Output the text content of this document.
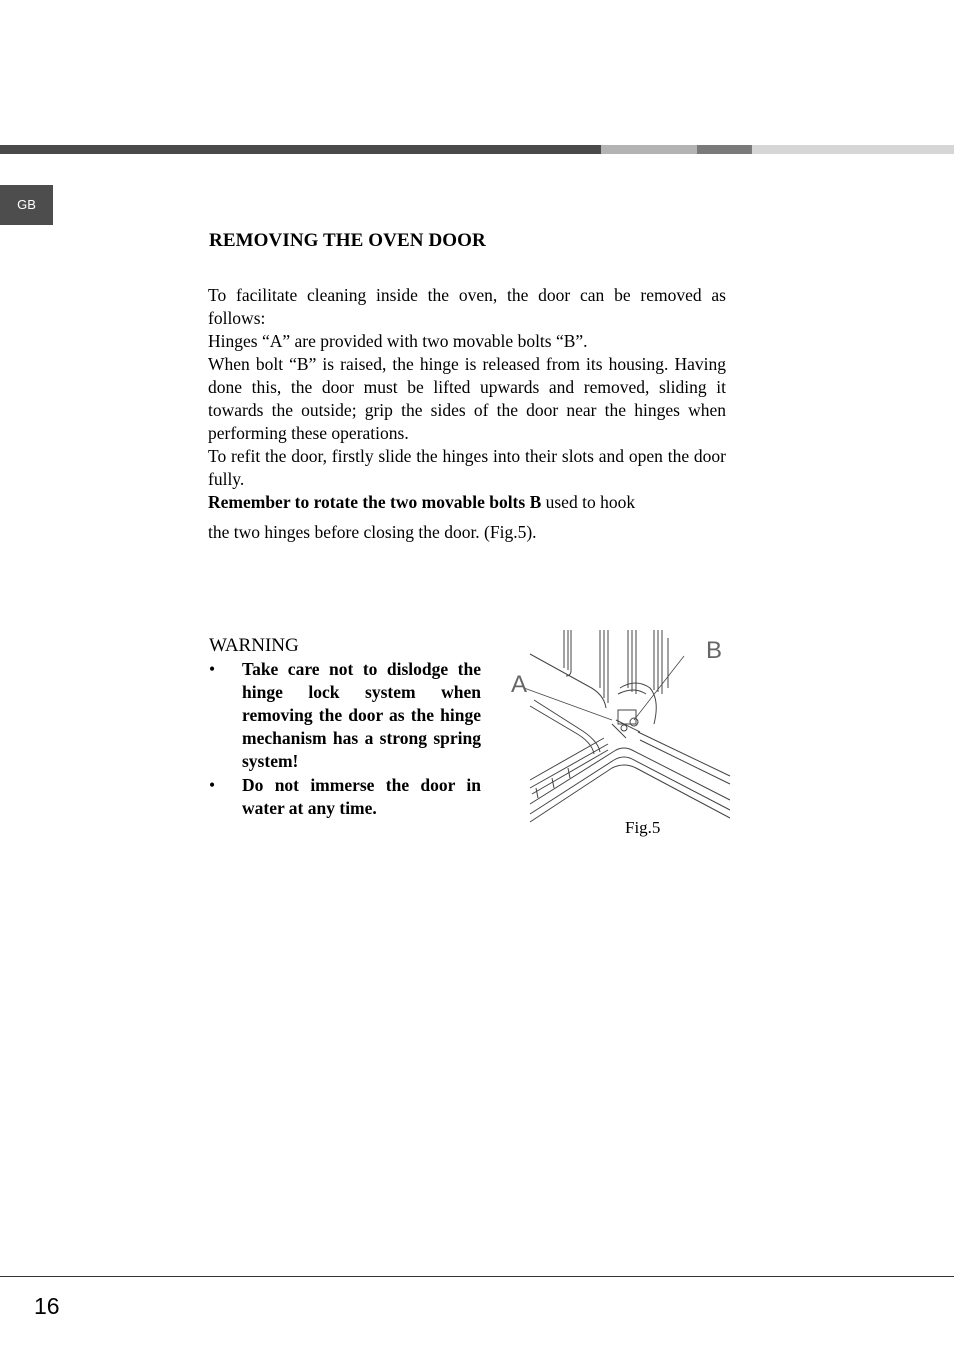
GB
REMOVING THE OVEN DOOR

To facilitate cleaning inside the oven, the door can be removed as follows:

Hinges “A” are provided with two movable bolts “B”.

When bolt “B” is raised, the hinge is released from its housing. Having done this, the door must be lifted upwards and removed, sliding it towards the outside; grip the sides of the door near the hinges when performing these operations.

To refit the door, firstly slide the hinges into their slots and open the door fully.

Remember to rotate the two movable bolts B used to hook

the two hinges before closing the door. (Fig.5).

WARNING
• Take care not to dislodge the hinge lock system when removing the door as the hinge mechanism has a strong spring system!
• Do not immerse the door in water at any time.
A
B
Fig.5
16
